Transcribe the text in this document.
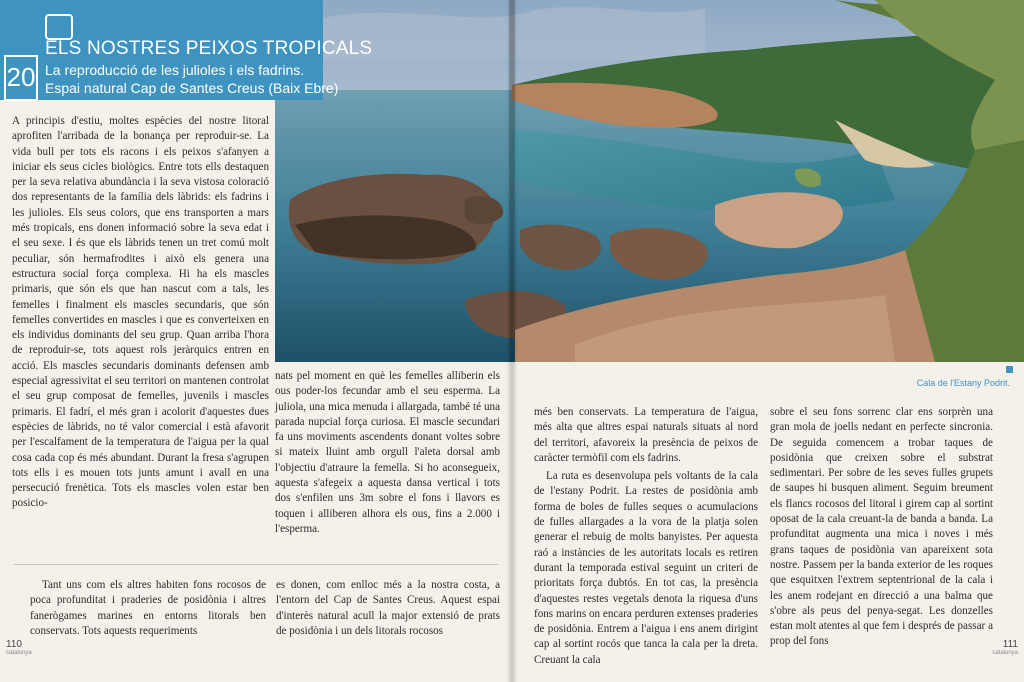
A principis d'estiu, moltes espècies del nostre litoral aprofiten l'arribada de la bonança per reproduir-se. La vida bull per tots els racons i els peixos s'afanyen a iniciar els seus cicles biològics. Entre tots ells destaquen per la seva relativa abundància i la seva vistosa coloració dos representants de la família dels làbrids: els fadrins i les julioles. Els seus colors, que ens transporten a mars més tropicals, ens donen informació sobre la seva edat i el seu sexe. I és que els làbrids tenen un tret comú molt peculiar, són hermafrodites i això els genera una estructura social força complexa. Hi ha els mascles primaris, que són els que han nascut com a tals, les femelles i finalment els mascles secundaris, que són femelles convertides en mascles i que es converteixen en els individus dominants del seu grup. Quan arriba l'hora de reproduir-se, tots aquest rols jeràrquics entren en acció. Els mascles secundaris dominants defensen amb especial agressivitat el seu territori on mantenen controlat el seu grup composat de femelles, juvenils i mascles primaris. El fadrí, el més gran i acolorit d'aquestes dues espècies de làbrids, no té valor comercial i està afavorit per l'escalfament de la temperatura de l'aigua per la qual cosa cada cop és més abundant. Durant la fresa s'agrupen tots ells i es mouen tots junts amunt i avall en una persecució frenètica. Tots els mascles volen estar ben posicio-

nats pel moment en què les femelles alliberin els ous poder-los fecundar amb el seu esperma. La juliola, una mica menuda i allargada, també té una parada nupcial força curiosa. El mascle secundari fa uns moviments ascendents donant voltes sobre si mateix lluint amb orgull l'aleta dorsal amb l'objectiu d'atraure la femella. Si ho aconsegueix, aquesta s'afegeix a aquesta dansa vertical i tots dos s'enfilen uns 3m sobre el fons i llavors es toquen i alliberen alhora els ous, fins a 2.000 i l'esperma.

Tant uns com els altres habiten fons rocosos de poca profunditat i praderies de posidònia i altres fanerògames marines en entorns litorals ben conservats. Tots aquests requeriments

es donen, com enlloc més a la nostra costa, a l'entorn del Cap de Santes Creus. Aquest espai d'interès natural acull la major extensió de prats de posidònia i un dels litorals rocosos

110
catalunya

més ben conservats. La temperatura de l'aigua, més alta que altres espai naturals situats al nord del territori, afavoreix la presència de peixos de caràcter termòfil com els fadrins.

La ruta es desenvolupa pels voltants de la cala de l'estany Podrit. La restes de posidònia amb forma de boles de fulles seques o acumulacions de fulles allargades a la vora de la platja solen generar el rebuig de molts banyistes. Per aquesta raó a instàncies de les autoritats locals es retiren durant la temporada estival seguint un criteri de prioritats força dubtós. En tot cas, la presència d'aquestes restes vegetals denota la riquesa d'uns fons marins on encara perduren extenses praderies de posidònia. Entrem a l'aigua i ens anem dirigint cap al sortint rocós que tanca la cala per la dreta. Creuant la cala

sobre el seu fons sorrenc clar ens sorprèn una gran mola de joells nedant en perfecte sincronia. De seguida comencem a trobar taques de posidònia que creixen sobre el substrat sedimentari. Per sobre de les seves fulles grupets de saupes hi busquen aliment. Seguim breument els flancs rocosos del litoral i girem cap al sortint oposat de la cala creuant-la de banda a banda. La profunditat augmenta una mica i noves i més grans taques de posidònia van apareixent sota nostre. Passem per la banda exterior de les roques que esquitxen l'extrem septentrional de la cala i les anem rodejant en direcció a una balma que s'obre als peus del penya-segat. Les donzelles estan molt atentes al que fem i després de passar a prop del fons	111
catalunya
20
ELS NOSTRES PEIXOS TROPICALS
La reproducció de les julioles i els fadrins.
Espai natural Cap de Santes Creus (Baix Ebre)
Cala de l'Estany Podrit.
